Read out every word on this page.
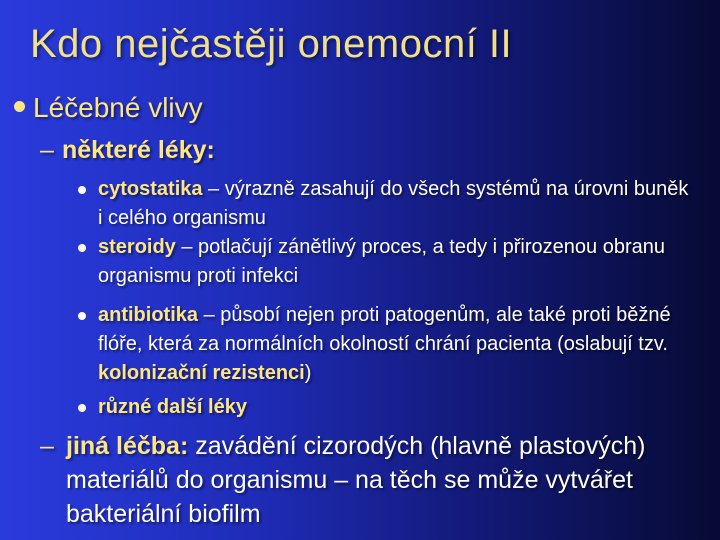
Kdo nejčastěji onemocní II
Léčebné vlivy
– některé léky:
cytostatika – výrazně zasahují do všech systémů na úrovni buněk i celého organismu
steroidy – potlačují zánětlivý proces, a tedy i přirozenou obranu organismu proti infekci
antibiotika – působí nejen proti patogenům, ale také proti běžné flóře, která za normálních okolností chrání pacienta (oslabují tzv. kolonizační rezistenci)
různé další léky
– jiná léčba: zavádění cizorodých (hlavně plastových) materiálů do organismu – na těch se může vytvářet bakteriální biofilm
